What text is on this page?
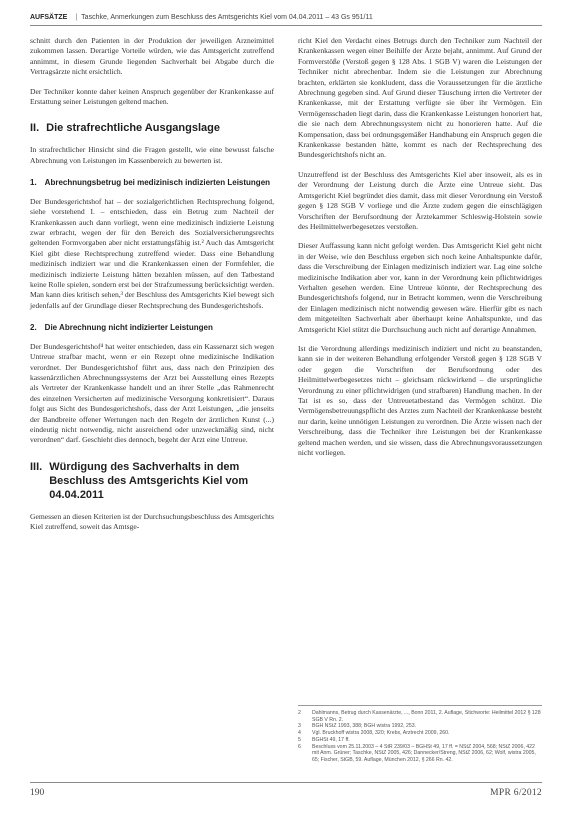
AUFSÄTZE | Taschke, Anmerkungen zum Beschluss des Amtsgerichts Kiel vom 04.04.2011 – 43 Gs 951/11

schnitt durch den Patienten in der Produktion der jeweiligen Arzneimittel zukommen lassen. Derartige Vorteile würden, wie das Amtsgericht zutreffend annimmt, in diesem Grunde liegenden Sachverhalt bei Abgabe durch die Vertragsärzte nicht ersichtlich.

Der Techniker konnte daher keinen Anspruch gegenüber der Krankenkasse auf Erstattung seiner Leistungen geltend machen.

II. Die strafrechtliche Ausgangslage

In strafrechtlicher Hinsicht sind die Fragen gestellt, wie eine bewusst falsche Abrechnung von Leistungen im Kassenbereich zu bewerten ist.

1. Abrechnungsbetrug bei medizinisch indizierten Leistungen

Der Bundesgerichtshof hat – der sozialgerichtlichen Rechtsprechung folgend, siehe vorstehend I. – entschieden, dass ein Betrug zum Nachteil der Krankenkassen auch dann vorliegt, wenn eine medizinisch indizierte Leistung zwar erbracht, wegen der für den Bereich des Sozialversicherungsrechts geltenden Formvorgaben aber nicht erstattungsfähig ist.² Auch das Amtsgericht Kiel gibt diese Rechtsprechung zutreffend wieder. Dass eine Behandlung medizinisch indiziert war und die Krankenkassen einen der Formfehler, die medizinisch indizierte Leistung hätten bezahlen müssen, auf den Tatbestand keine Rolle spielen, sondern erst bei der Strafzumessung berücksichtigt werden. Man kann dies kritisch sehen,³ der Beschluss des Amtsgerichts Kiel bewegt sich jedenfalls auf der Grundlage dieser Rechtsprechung des Bundesgerichtshofs.

2. Die Abrechnung nicht indizierter Leistungen

Der Bundesgerichtshof⁴ hat weiter entschieden, dass ein Kassenarzt sich wegen Untreue strafbar macht, wenn er ein Rezept ohne medizinische Indikation verordnet. Der Bundesgerichtshof führt aus, dass nach den Prinzipien des kassenärztlichen Abrechnungssystems der Arzt bei Ausstellung eines Rezepts als Vertreter der Krankenkasse handelt und an ihrer Stelle „das Rahmenrecht des einzelnen Versicherten auf medizinische Versorgung konkretisiert“. Daraus folgt aus Sicht des Bundesgerichtshofs, dass der Arzt Leistungen, „die jenseits der Bandbreite offener Wertungen nach den Regeln der ärztlichen Kunst (...) eindeutig nicht notwendig, nicht ausreichend oder unzweckmäßig sind, nicht verordnen“ darf. Geschieht dies dennoch, begeht der Arzt eine Untreue.

III. Würdigung des Sachverhalts in dem Beschluss des Amtsgerichts Kiel vom 04.04.2011

Gemessen an diesen Kriterien ist der Durchsuchungsbeschluss des Amtsgerichts Kiel zutreffend, soweit das Amtsge-

richt Kiel den Verdacht eines Betrugs durch den Techniker zum Nachteil der Krankenkassen wegen einer Beihilfe der Ärzte bejaht, annimmt. Auf Grund der Formverstöße (Verstoß gegen § 128 Abs. 1 SGB V) waren die Leistungen der Techniker nicht abrechenbar. Indem sie die Leistungen zur Abrechnung brachten, erklärten sie konkludent, dass die Voraussetzungen für die ärztliche Abrechnung gegeben sind. Auf Grund dieser Täuschung irrten die Vertreter der Krankenkasse, mit der Erstattung verfügte sie über ihr Vermögen. Ein Vermögensschaden liegt darin, dass die Krankenkasse Leistungen honoriert hat, die sie nach dem Abrechnungssystem nicht zu honorieren hatte. Auf die Kompensation, dass bei ordnungsgemäßer Handhabung ein Anspruch gegen die Krankenkasse bestanden hätte, kommt es nach der Rechtsprechung des Bundesgerichtshofs nicht an.

Unzutreffend ist der Beschluss des Amtsgerichts Kiel aber insoweit, als es in der Verordnung der Leistung durch die Ärzte eine Untreue sieht. Das Amtsgericht Kiel begründet dies damit, dass mit dieser Verordnung ein Verstoß gegen § 128 SGB V vorliege und die Ärzte zudem gegen die einschlägigen Vorschriften der Berufsordnung der Ärztekammer Schleswig-Holstein sowie des Heilmittelwerbegesetzes verstoßen.

Dieser Auffassung kann nicht gefolgt werden. Das Amtsgericht Kiel geht nicht in der Weise, wie den Beschluss ergeben sich noch keine Anhaltspunkte dafür, dass die Verschreibung der Einlagen medizinisch indiziert war. Lag eine solche medizinische Indikation aber vor, kann in der Verordnung kein pflichtwidriges Verhalten gesehen werden. Eine Untreue könnte, der Rechtsprechung des Bundesgerichtshofs folgend, nur in Betracht kommen, wenn die Verschreibung der Einlagen medizinisch nicht notwendig gewesen wäre. Hierfür gibt es nach dem mitgeteilten Sachverhalt aber überhaupt keine Anhaltspunkte, und das Amtsgericht Kiel stützt die Durchsuchung auch nicht auf derartige Annahmen.

Ist die Verordnung allerdings medizinisch indiziert und nicht zu beanstanden, kann sie in der weiteren Behandlung erfolgender Verstoß gegen § 128 SGB V oder gegen die Vorschriften der Berufsordnung oder des Heilmittelwerbegesetzes nicht – gleichsam rückwirkend – die ursprüngliche Verordnung zu einer pflichtwidrigen (und strafbaren) Handlung machen. In der Tat ist es so, dass der Untreuetatbestand das Vermögen schützt. Die Vermögensbetreuungspflicht des Arztes zum Nachteil der Krankenkasse besteht nur darin, keine unnötigen Leistungen zu verordnen. Die Ärzte wissen nach der Verschreibung, dass die Techniker ihre Leistungen bei der Krankenkasse geltend machen werden, und sie wissen, dass die Abrechnungsvoraussetzungen nicht vorliegen.

2	Dahlmanns, Betrug durch Kassenärzte, ..., Bonn 2011, 2. Auflage, Stichworte: Heilmittel 2012 § 128 SGB V Rn. 2.
3	BGH NStZ 1993, 388; BGH wistra 1992, 253.
4	Vgl. Bruckhoff wistra 2008, 320; Krebs, Arztrecht 2009, 260.
5	BGHSt 49, 17 ff.
6	Beschluss vom 25.11.2003 – 4 StR 239/03 – BGHSt 49, 17 ff. = NStZ 2004, 568; NStZ 2006, 422 mit Anm. Grüner; Taschke, NStZ 2005, 426; Dannecker/Streng, NStZ 2006, 62; Wolf, wistra 2005, 65; Fischer, StGB, 59. Auflage, München 2012, § 266 Rn. 42.
190	MPR 6/2012
